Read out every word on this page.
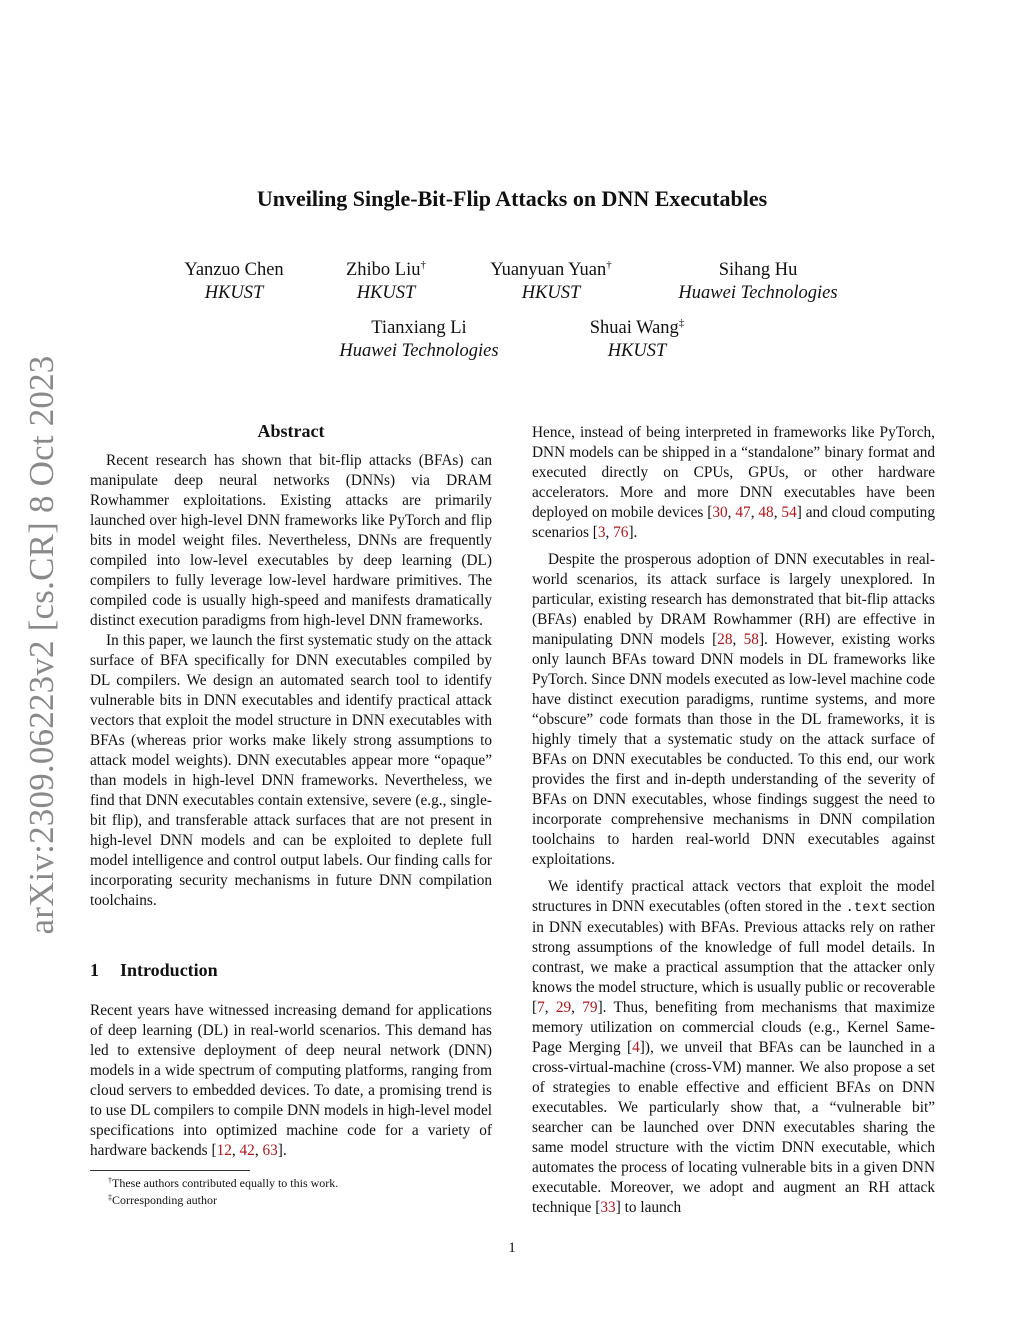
arXiv:2309.06223v2 [cs.CR] 8 Oct 2023
Unveiling Single-Bit-Flip Attacks on DNN Executables
Yanzuo Chen
HKUST
Zhibo Liu†
HKUST
Yuanyuan Yuan†
HKUST
Sihang Hu
Huawei Technologies
Tianxiang Li
Huawei Technologies
Shuai Wang‡
HKUST
Abstract

Recent research has shown that bit-flip attacks (BFAs) can manipulate deep neural networks (DNNs) via DRAM Rowhammer exploitations. Existing attacks are primarily launched over high-level DNN frameworks like PyTorch and flip bits in model weight files. Nevertheless, DNNs are frequently compiled into low-level executables by deep learning (DL) compilers to fully leverage low-level hardware primitives. The compiled code is usually high-speed and manifests dramatically distinct execution paradigms from high-level DNN frameworks.

In this paper, we launch the first systematic study on the attack surface of BFA specifically for DNN executables compiled by DL compilers. We design an automated search tool to identify vulnerable bits in DNN executables and identify practical attack vectors that exploit the model structure in DNN executables with BFAs (whereas prior works make likely strong assumptions to attack model weights). DNN executables appear more “opaque” than models in high-level DNN frameworks. Nevertheless, we find that DNN executables contain extensive, severe (e.g., single-bit flip), and transferable attack surfaces that are not present in high-level DNN models and can be exploited to deplete full model intelligence and control output labels. Our finding calls for incorporating security mechanisms in future DNN compilation toolchains.

1 Introduction

Recent years have witnessed increasing demand for applications of deep learning (DL) in real-world scenarios. This demand has led to extensive deployment of deep neural network (DNN) models in a wide spectrum of computing platforms, ranging from cloud servers to embedded devices. To date, a promising trend is to use DL compilers to compile DNN models in high-level model specifications into optimized machine code for a variety of hardware backends [12, 42, 63].

Hence, instead of being interpreted in frameworks like PyTorch, DNN models can be shipped in a “standalone” binary format and executed directly on CPUs, GPUs, or other hardware accelerators. More and more DNN executables have been deployed on mobile devices [30, 47, 48, 54] and cloud computing scenarios [3, 76].

Despite the prosperous adoption of DNN executables in real-world scenarios, its attack surface is largely unexplored. In particular, existing research has demonstrated that bit-flip attacks (BFAs) enabled by DRAM Rowhammer (RH) are effective in manipulating DNN models [28, 58]. However, existing works only launch BFAs toward DNN models in DL frameworks like PyTorch. Since DNN models executed as low-level machine code have distinct execution paradigms, runtime systems, and more “obscure” code formats than those in the DL frameworks, it is highly timely that a systematic study on the attack surface of BFAs on DNN executables be conducted. To this end, our work provides the first and in-depth understanding of the severity of BFAs on DNN executables, whose findings suggest the need to incorporate comprehensive mechanisms in DNN compilation toolchains to harden real-world DNN executables against exploitations.

We identify practical attack vectors that exploit the model structures in DNN executables (often stored in the .text section in DNN executables) with BFAs. Previous attacks rely on rather strong assumptions of the knowledge of full model details. In contrast, we make a practical assumption that the attacker only knows the model structure, which is usually public or recoverable [7, 29, 79]. Thus, benefiting from mechanisms that maximize memory utilization on commercial clouds (e.g., Kernel Same-Page Merging [4]), we unveil that BFAs can be launched in a cross-virtual-machine (cross-VM) manner. We also propose a set of strategies to enable effective and efficient BFAs on DNN executables. We particularly show that, a “vulnerable bit” searcher can be launched over DNN executables sharing the same model structure with the victim DNN executable, which automates the process of locating vulnerable bits in a given DNN executable. Moreover, we adopt and augment an RH attack technique [33] to launch

†These authors contributed equally to this work.
‡Corresponding author
1
